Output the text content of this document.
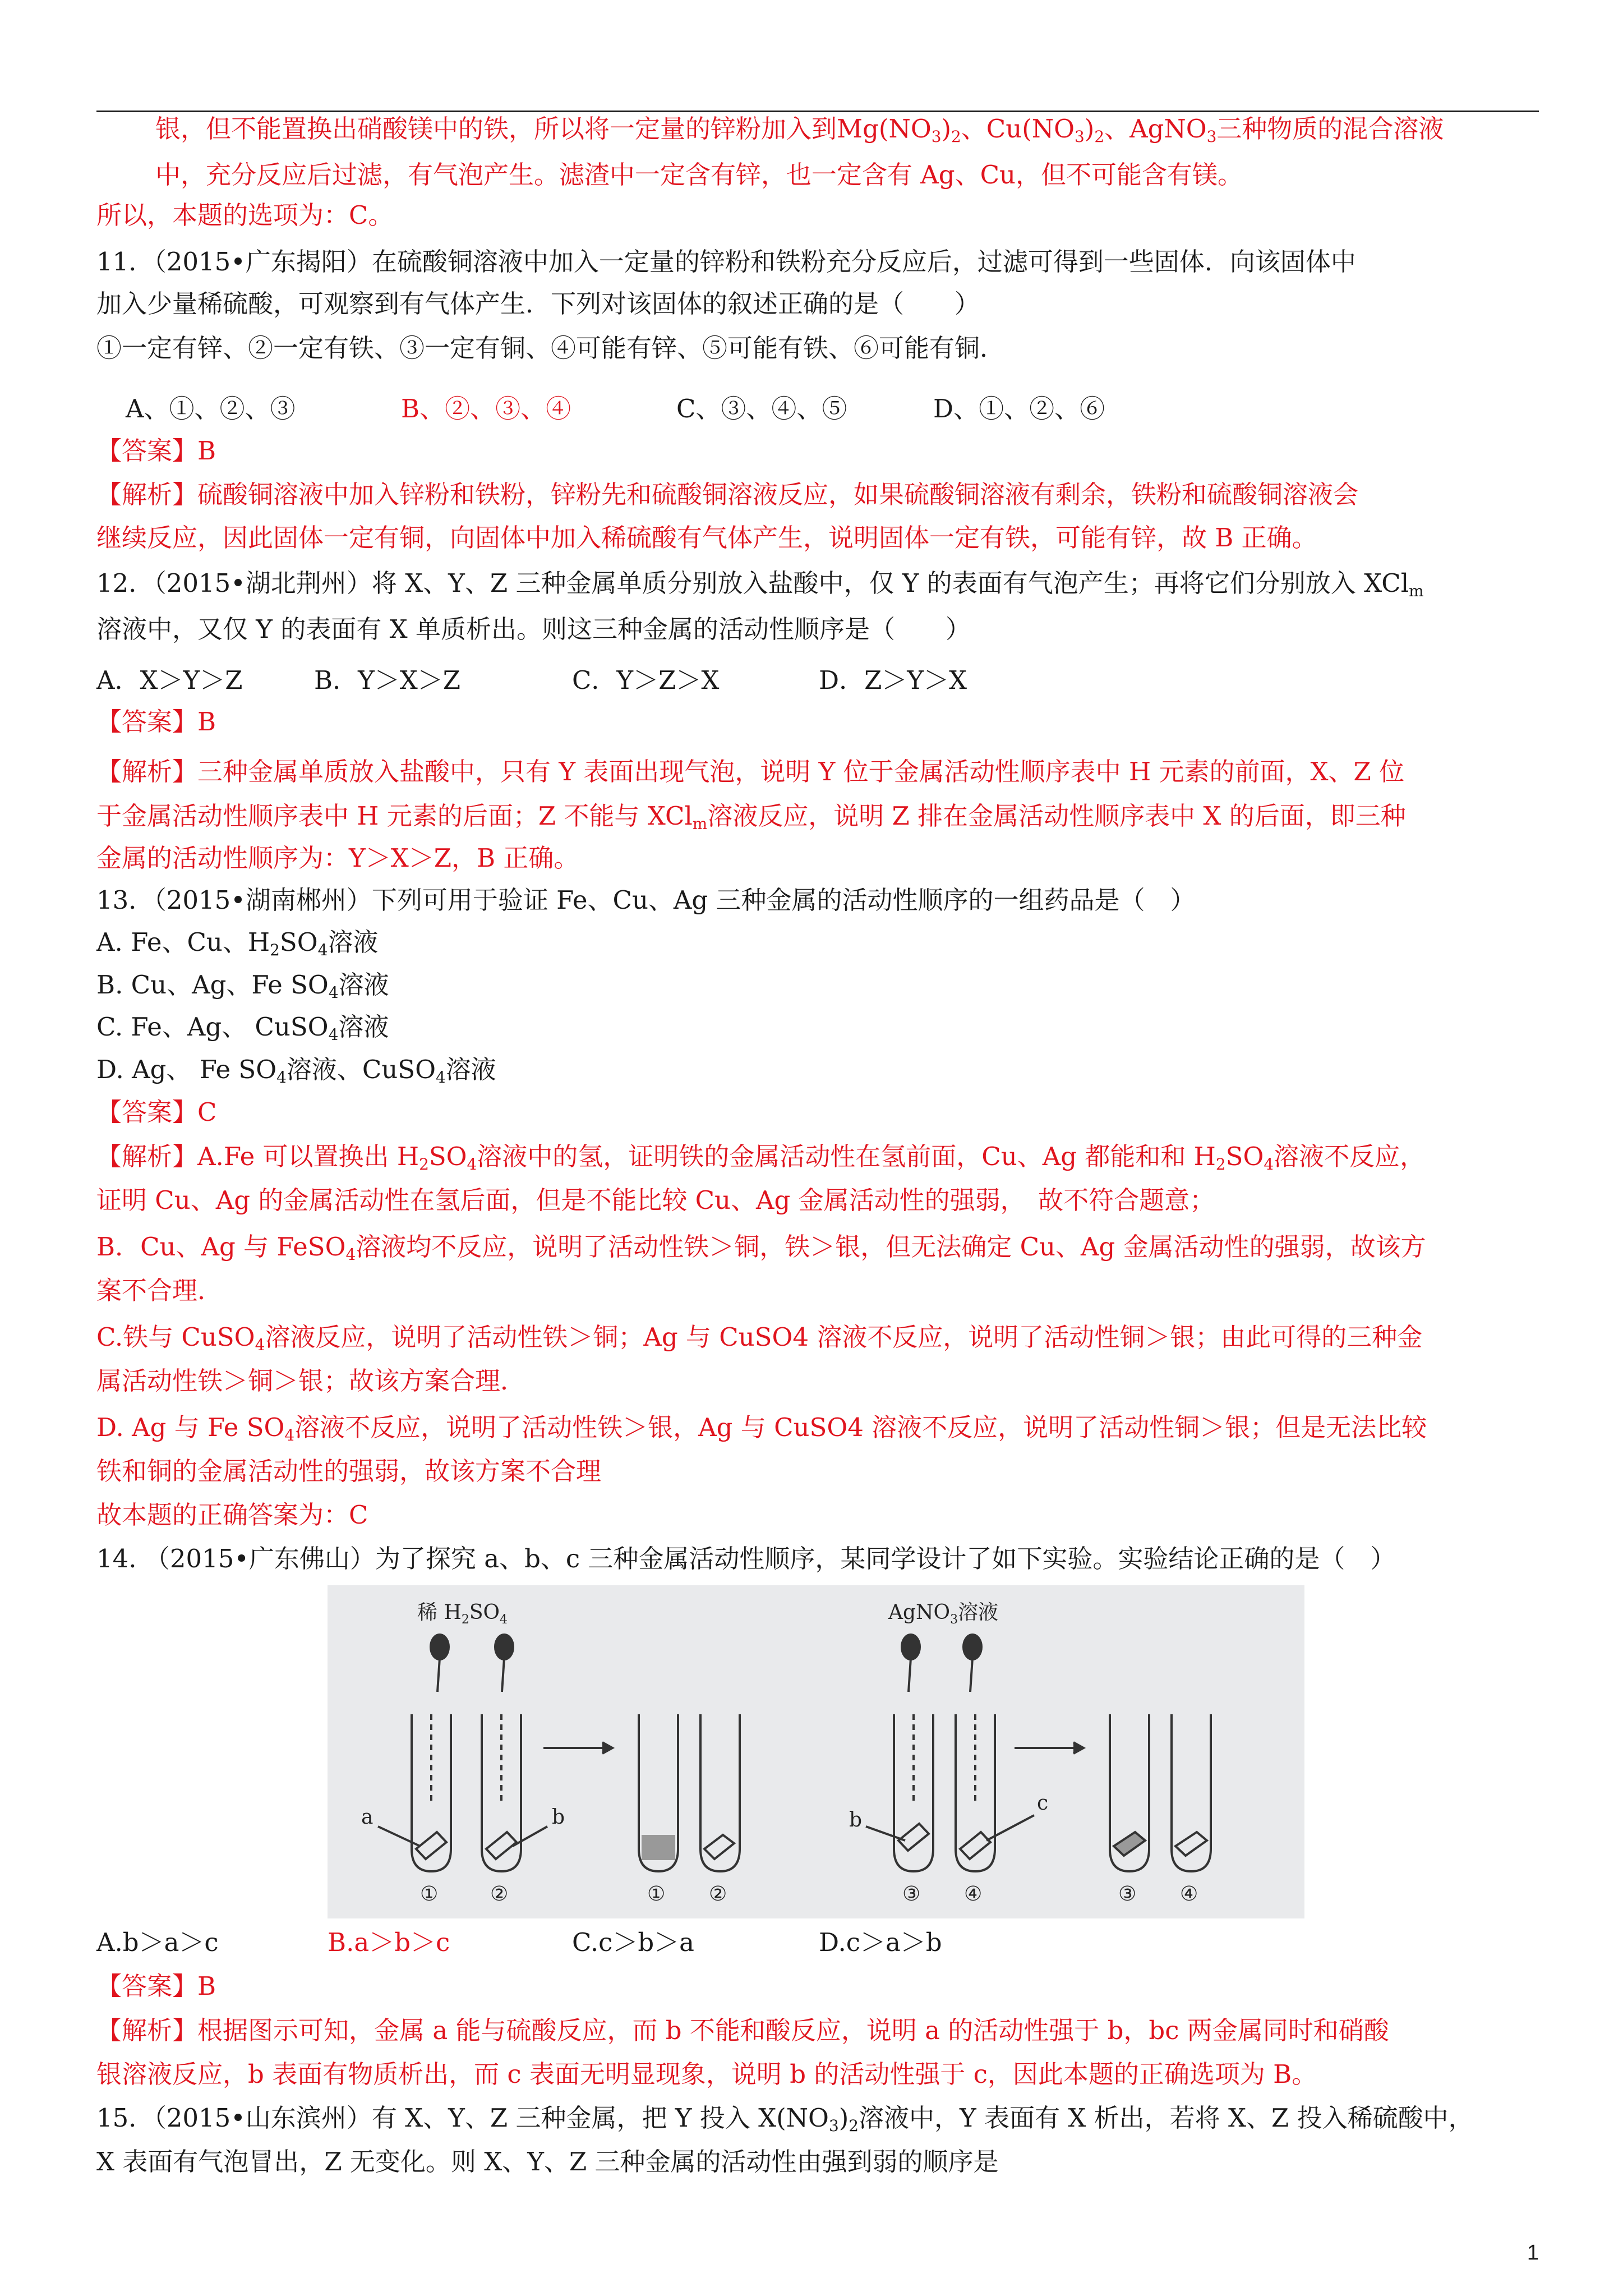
银，但不能置换出硝酸镁中的铁，所以将一定量的锌粉加入到$Mg(NO_3)_2$、$Cu(NO_3)_2$、AgNO$_3$三种物质的混合溶液
中，充分反应后过滤，有气泡产生。滤渣中一定含有锌，也一定含有 Ag、Cu，但不可能含有镁。
所以，本题的选项为：C。
11．（2015•广东揭阳）在硫酸铜溶液中加入一定量的锌粉和铁粉充分反应后，过滤可得到一些固体．向该固体中
加入少量稀硫酸，可观察到有气体产生．下列对该固体的叙述正确的是（　　）
①一定有锌、②一定有铁、③一定有铜、④可能有锌、⑤可能有铁、⑥可能有铜．
A、①、②、③	B、②、③、④	C、③、④、⑤	D、①、②、⑥
【答案】B
【解析】硫酸铜溶液中加入锌粉和铁粉，锌粉先和硫酸铜溶液反应，如果硫酸铜溶液有剩余，铁粉和硫酸铜溶液会
继续反应，因此固体一定有铜，向固体中加入稀硫酸有气体产生，说明固体一定有铁，可能有锌，故 B 正确。
12．（2015•湖北荆州）将 X、Y、Z 三种金属单质分别放入盐酸中，仅 Y 的表面有气泡产生；再将它们分别放入 XCl$_m$
溶液中，又仅 Y 的表面有 X 单质析出。则这三种金属的活动性顺序是（　　）
A．X＞Y＞Z	B．Y＞X＞Z	C．Y＞Z＞X	D．Z＞Y＞X
【答案】B
【解析】三种金属单质放入盐酸中，只有 Y 表面出现气泡，说明 Y 位于金属活动性顺序表中 H 元素的前面，X、Z 位
于金属活动性顺序表中 H 元素的后面；Z 不能与 XCl$_m$溶液反应，说明 Z 排在金属活动性顺序表中 X 的后面，即三种
金属的活动性顺序为：Y＞X＞Z，B 正确。
13．（2015•湖南郴州）下列可用于验证 Fe、Cu、Ag 三种金属的活动性顺序的一组药品是（　）
A. Fe、Cu、$H_2SO_4$溶液
B. Cu、Ag、Fe $SO_4$溶液
C. Fe、Ag、 CuSO$_4$溶液
D. Ag、 Fe $SO_4$溶液、CuSO$_4$溶液
【答案】C
【解析】A.Fe 可以置换出 $H_2SO_4$溶液中的氢，证明铁的金属活动性在氢前面，Cu、Ag 都能和和 $H_2SO_4$溶液不反应，
证明 Cu、Ag 的金属活动性在氢后面，但是不能比较 Cu、Ag 金属活动性的强弱，　故不符合题意；
B．Cu、Ag 与 FeSO$_4$溶液均不反应，说明了活动性铁＞铜，铁＞银，但无法确定 Cu、Ag 金属活动性的强弱，故该方
案不合理．
C.铁与 CuSO$_4$溶液反应，说明了活动性铁＞铜；Ag 与 CuSO4 溶液不反应，说明了活动性铜＞银；由此可得的三种金
属活动性铁＞铜＞银；故该方案合理．
D. Ag 与 Fe $SO_4$溶液不反应，说明了活动性铁＞银，Ag 与 CuSO4 溶液不反应，说明了活动性铜＞银；但是无法比较
铁和铜的金属活动性的强弱，故该方案不合理
故本题的正确答案为：C
14. （2015•广东佛山）为了探究 a、b、c 三种金属活动性顺序，某同学设计了如下实验。实验结论正确的是（　）
稀 $H_2SO_4$	AgNO$_3$溶液
a	b	b
c
①	②	① ②	③ ④	③ ④
A.b＞a＞c	B.a＞b＞c	C.c＞b＞a	D.c＞a＞b
【答案】B
【解析】根据图示可知，金属 a 能与硫酸反应，而 b 不能和酸反应，说明 a 的活动性强于 b，bc 两金属同时和硝酸
银溶液反应，b 表面有物质析出，而 c 表面无明显现象，说明 b 的活动性强于 c，因此本题的正确选项为 B。
15．（2015•山东滨州）有 X、Y、Z 三种金属，把 Y 投入 $X(NO_3)_2$溶液中，Y 表面有 X 析出，若将 X、Z 投入稀硫酸中，
X 表面有气泡冒出，Z 无变化。则 X、Y、Z 三种金属的活动性由强到弱的顺序是
1
